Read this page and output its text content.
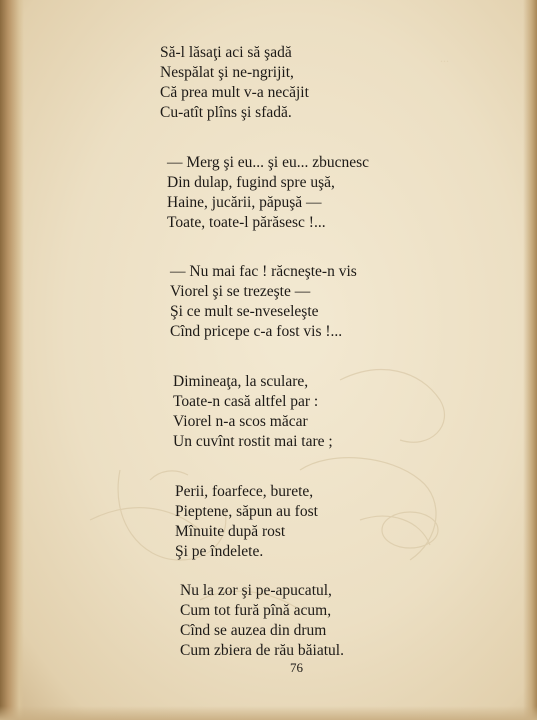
...
Să-l lăsaţi aci să şadă
Nespălat şi ne-ngrijit,
Că prea mult v-a necăjit
Cu-atît plîns şi sfadă.
— Merg şi eu... şi eu... zbucnesc
Din dulap, fugind spre uşă,
Haine, jucării, păpuşă —
Toate, toate-l părăsesc !...
— Nu mai fac ! răcneşte-n vis
Viorel şi se trezeşte —
Şi ce mult se-nveseleşte
Cînd pricepe c-a fost vis !...
Dimineaţa, la sculare,
Toate-n casă altfel par :
Viorel n-a scos măcar
Un cuvînt rostit mai tare ;
Perii, foarfece, burete,
Pieptene, săpun au fost
Mînuite după rost
Şi pe îndelete.
Nu la zor şi pe-apucatul,
Cum tot fură pînă acum,
Cînd se auzea din drum
Cum zbiera de rău băiatul.
76
